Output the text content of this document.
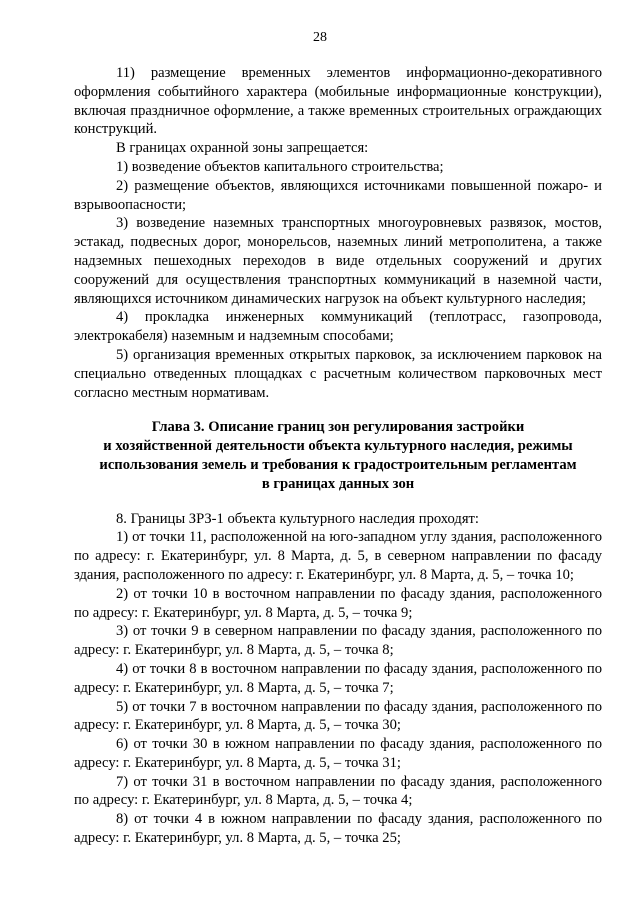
28

11) размещение временных элементов информационно-декоративного оформления событийного характера (мобильные информационные конструкции), включая праздничное оформление, а также временных строительных ограждающих конструкций.

В границах охранной зоны запрещается:

1) возведение объектов капитального строительства;

2) размещение объектов, являющихся источниками повышенной пожаро- и взрывоопасности;

3) возведение наземных транспортных многоуровневых развязок, мостов, эстакад, подвесных дорог, монорельсов, наземных линий метрополитена, а также надземных пешеходных переходов в виде отдельных сооружений и других сооружений для осуществления транспортных коммуникаций в наземной части, являющихся источником динамических нагрузок на объект культурного наследия;

4) прокладка инженерных коммуникаций (теплотрасс, газопровода, электрокабеля) наземным и надземным способами;

5) организация временных открытых парковок, за исключением парковок на специально отведенных площадках с расчетным количеством парковочных мест согласно местным нормативам.

Глава 3. Описание границ зон регулирования застройки
и хозяйственной деятельности объекта культурного наследия, режимы
использования земель и требования к градостроительным регламентам
в границах данных зон

8. Границы ЗРЗ-1 объекта культурного наследия проходят:

1) от точки 11, расположенной на юго-западном углу здания, расположенного по адресу: г. Екатеринбург, ул. 8 Марта, д. 5, в северном направлении по фасаду здания, расположенного по адресу: г. Екатеринбург, ул. 8 Марта, д. 5, – точка 10;

2) от точки 10 в восточном направлении по фасаду здания, расположенного по адресу: г. Екатеринбург, ул. 8 Марта, д. 5, – точка 9;

3) от точки 9 в северном направлении по фасаду здания, расположенного по адресу: г. Екатеринбург, ул. 8 Марта, д. 5, – точка 8;

4) от точки 8 в восточном направлении по фасаду здания, расположенного по адресу: г. Екатеринбург, ул. 8 Марта, д. 5, – точка 7;

5) от точки 7 в восточном направлении по фасаду здания, расположенного по адресу: г. Екатеринбург, ул. 8 Марта, д. 5, – точка 30;

6) от точки 30 в южном направлении по фасаду здания, расположенного по адресу: г. Екатеринбург, ул. 8 Марта, д. 5, – точка 31;

7) от точки 31 в восточном направлении по фасаду здания, расположенного по адресу: г. Екатеринбург, ул. 8 Марта, д. 5, – точка 4;

8) от точки 4 в южном направлении по фасаду здания, расположенного по адресу: г. Екатеринбург, ул. 8 Марта, д. 5, – точка 25;
